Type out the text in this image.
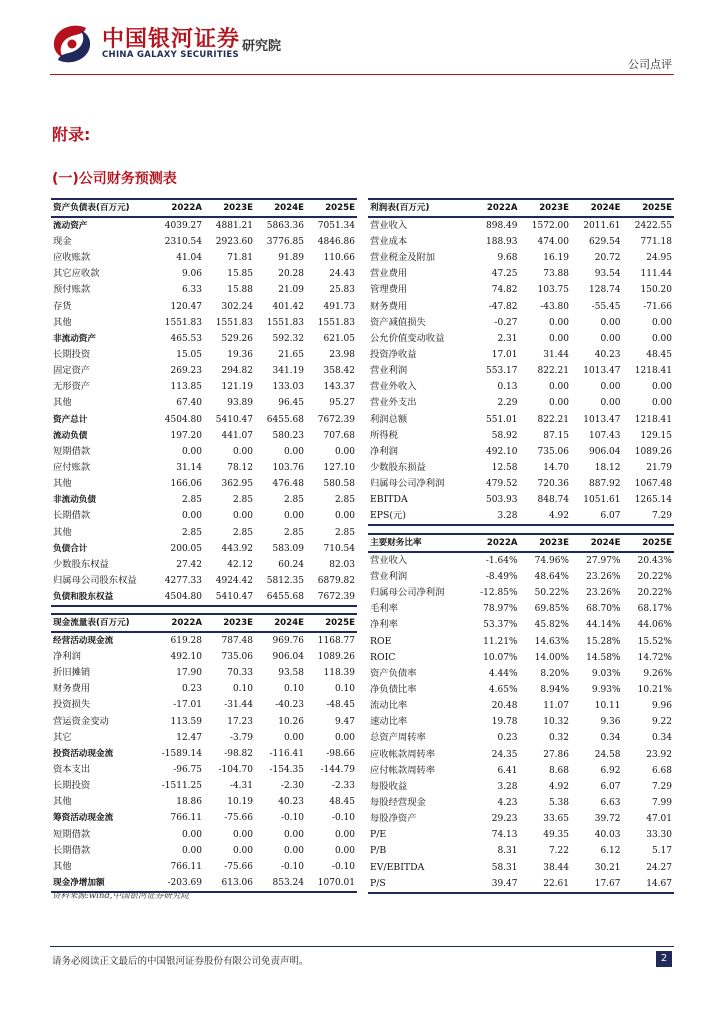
中国银河证券
CHINA GALAXY SECURITIES
研究院
公司点评
附录:
(一)公司财务预测表
资产负债表(百万元)	2022A	2023E	2024E	2025E
流动资产	4039.27	4881.21	5863.36	7051.34
现金	2310.54	2923.60	3776.85	4846.86
应收账款	41.04	71.81	91.89	110.66
其它应收款	9.06	15.85	20.28	24.43
预付账款	6.33	15.88	21.09	25.83
存货	120.47	302.24	401.42	491.73
其他	1551.83	1551.83	1551.83	1551.83
非流动资产	465.53	529.26	592.32	621.05
长期投资	15.05	19.36	21.65	23.98
固定资产	269.23	294.82	341.19	358.42
无形资产	113.85	121.19	133.03	143.37
其他	67.40	93.89	96.45	95.27
资产总计	4504.80	5410.47	6455.68	7672.39
流动负债	197.20	441.07	580.23	707.68
短期借款	0.00	0.00	0.00	0.00
应付账款	31.14	78.12	103.76	127.10
其他	166.06	362.95	476.48	580.58
非流动负债	2.85	2.85	2.85	2.85
长期借款	0.00	0.00	0.00	0.00
其他	2.85	2.85	2.85	2.85
负债合计	200.05	443.92	583.09	710.54
少数股东权益	27.42	42.12	60.24	82.03
归属母公司股东权益	4277.33	4924.42	5812.35	6879.82
负债和股东权益	4504.80	5410.47	6455.68	7672.39
利润表(百万元)	2022A	2023E	2024E	2025E
营业收入	898.49	1572.00	2011.61	2422.55
营业成本	188.93	474.00	629.54	771.18
营业税金及附加	9.68	16.19	20.72	24.95
营业费用	47.25	73.88	93.54	111.44
管理费用	74.82	103.75	128.74	150.20
财务费用	-47.82	-43.80	-55.45	-71.66
资产减值损失	-0.27	0.00	0.00	0.00
公允价值变动收益	2.31	0.00	0.00	0.00
投资净收益	17.01	31.44	40.23	48.45
营业利润	553.17	822.21	1013.47	1218.41
营业外收入	0.13	0.00	0.00	0.00
营业外支出	2.29	0.00	0.00	0.00
利润总额	551.01	822.21	1013.47	1218.41
所得税	58.92	87.15	107.43	129.15
净利润	492.10	735.06	906.04	1089.26
少数股东损益	12.58	14.70	18.12	21.79
归属母公司净利润	479.52	720.36	887.92	1067.48
EBITDA	503.93	848.74	1051.61	1265.14
EPS(元)	3.28	4.92	6.07	7.29
现金流量表(百万元)	2022A	2023E	2024E	2025E
经营活动现金流	619.28	787.48	969.76	1168.77
净利润	492.10	735.06	906.04	1089.26
折旧摊销	17.90	70.33	93.58	118.39
财务费用	0.23	0.10	0.10	0.10
投资损失	-17.01	-31.44	-40.23	-48.45
营运资金变动	113.59	17.23	10.26	9.47
其它	12.47	-3.79	0.00	0.00
投资活动现金流	-1589.14	-98.82	-116.41	-98.66
资本支出	-96.75	-104.70	-154.35	-144.79
长期投资	-1511.25	-4.31	-2.30	-2.33
其他	18.86	10.19	40.23	48.45
筹资活动现金流	766.11	-75.66	-0.10	-0.10
短期借款	0.00	0.00	0.00	0.00
长期借款	0.00	0.00	0.00	0.00
其他	766.11	-75.66	-0.10	-0.10
现金净增加额	-203.69	613.06	853.24	1070.01
主要财务比率	2022A	2023E	2024E	2025E
营业收入	-1.64%	74.96%	27.97%	20.43%
营业利润	-8.49%	48.64%	23.26%	20.22%
归属母公司净利润	-12.85%	50.22%	23.26%	20.22%
毛利率	78.97%	69.85%	68.70%	68.17%
净利率	53.37%	45.82%	44.14%	44.06%
ROE	11.21%	14.63%	15.28%	15.52%
ROIC	10.07%	14.00%	14.58%	14.72%
资产负债率	4.44%	8.20%	9.03%	9.26%
净负债比率	4.65%	8.94%	9.93%	10.21%
流动比率	20.48	11.07	10.11	9.96
速动比率	19.78	10.32	9.36	9.22
总资产周转率	0.23	0.32	0.34	0.34
应收帐款周转率	24.35	27.86	24.58	23.92
应付帐款周转率	6.41	8.68	6.92	6.68
每股收益	3.28	4.92	6.07	7.29
每股经营现金	4.23	5.38	6.63	7.99
每股净资产	29.23	33.65	39.72	47.01
P/E	74.13	49.35	40.03	33.30
P/B	8.31	7.22	6.12	5.17
EV/EBITDA	58.31	38.44	30.21	24.27
P/S	39.47	22.61	17.67	14.67
资料来源:wind,中国银河证券研究院
请务必阅读正文最后的中国银河证券股份有限公司免责声明。	2
